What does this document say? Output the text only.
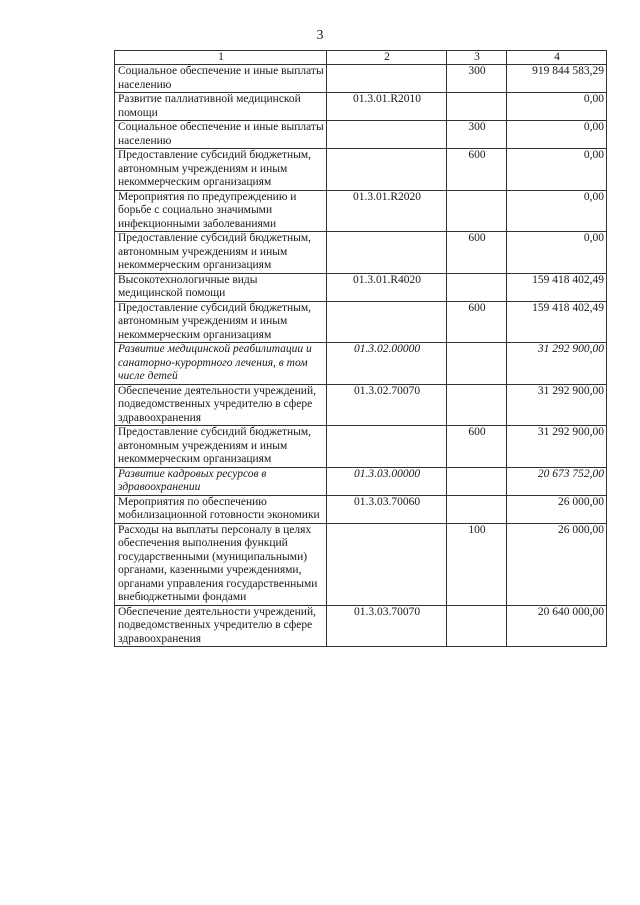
3
1	2	3	4
Социальное обеспечение и иные выплаты населению		300	919 844 583,29
Развитие паллиативной медицинской помощи	01.3.01.R2010		0,00
Социальное обеспечение и иные выплаты населению		300	0,00
Предоставление субсидий бюджетным, автономным учреждениям и иным некоммерческим организациям		600	0,00
Мероприятия по предупреждению и борьбе с социально значимыми инфекционными заболеваниями	01.3.01.R2020		0,00
Предоставление субсидий бюджетным, автономным учреждениям и иным некоммерческим организациям		600	0,00
Высокотехнологичные виды медицинской помощи	01.3.01.R4020		159 418 402,49
Предоставление субсидий бюджетным, автономным учреждениям и иным некоммерческим организациям		600	159 418 402,49
Развитие медицинской реабилитации и санаторно-курортного лечения, в том числе детей	01.3.02.00000		31 292 900,00
Обеспечение деятельности учреждений, подведомственных учредителю в сфере здравоохранения	01.3.02.70070		31 292 900,00
Предоставление субсидий бюджетным, автономным учреждениям и иным некоммерческим организациям		600	31 292 900,00
Развитие кадровых ресурсов в здравоохранении	01.3.03.00000		20 673 752,00
Мероприятия по обеспечению мобилизационной готовности экономики	01.3.03.70060		26 000,00
Расходы на выплаты персоналу в целях обеспечения выполнения функций государственными (муниципальными) органами, казенными учреждениями, органами управления государственными внебюджетными фондами		100	26 000,00
Обеспечение деятельности учреждений, подведомственных учредителю в сфере здравоохранения	01.3.03.70070		20 640 000,00
